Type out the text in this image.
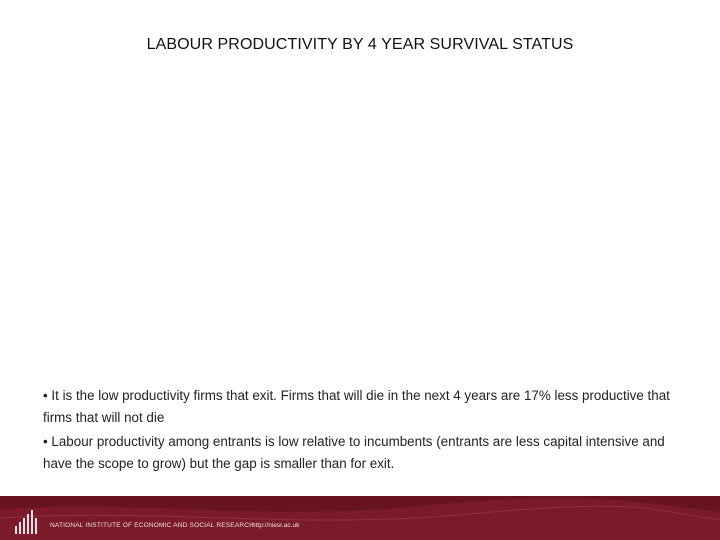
LABOUR PRODUCTIVITY BY 4 YEAR SURVIVAL STATUS

• It is the low productivity firms that exit. Firms that will die in the next 4 years are 17% less productive that firms that will not die

• Labour productivity among entrants is low relative to incumbents (entrants are less capital intensive and have the scope to grow) but the gap is smaller than for exit.

NATIONAL INSTITUTE OF ECONOMIC AND SOCIAL RESEARCH
http://niesr.ac.uk
